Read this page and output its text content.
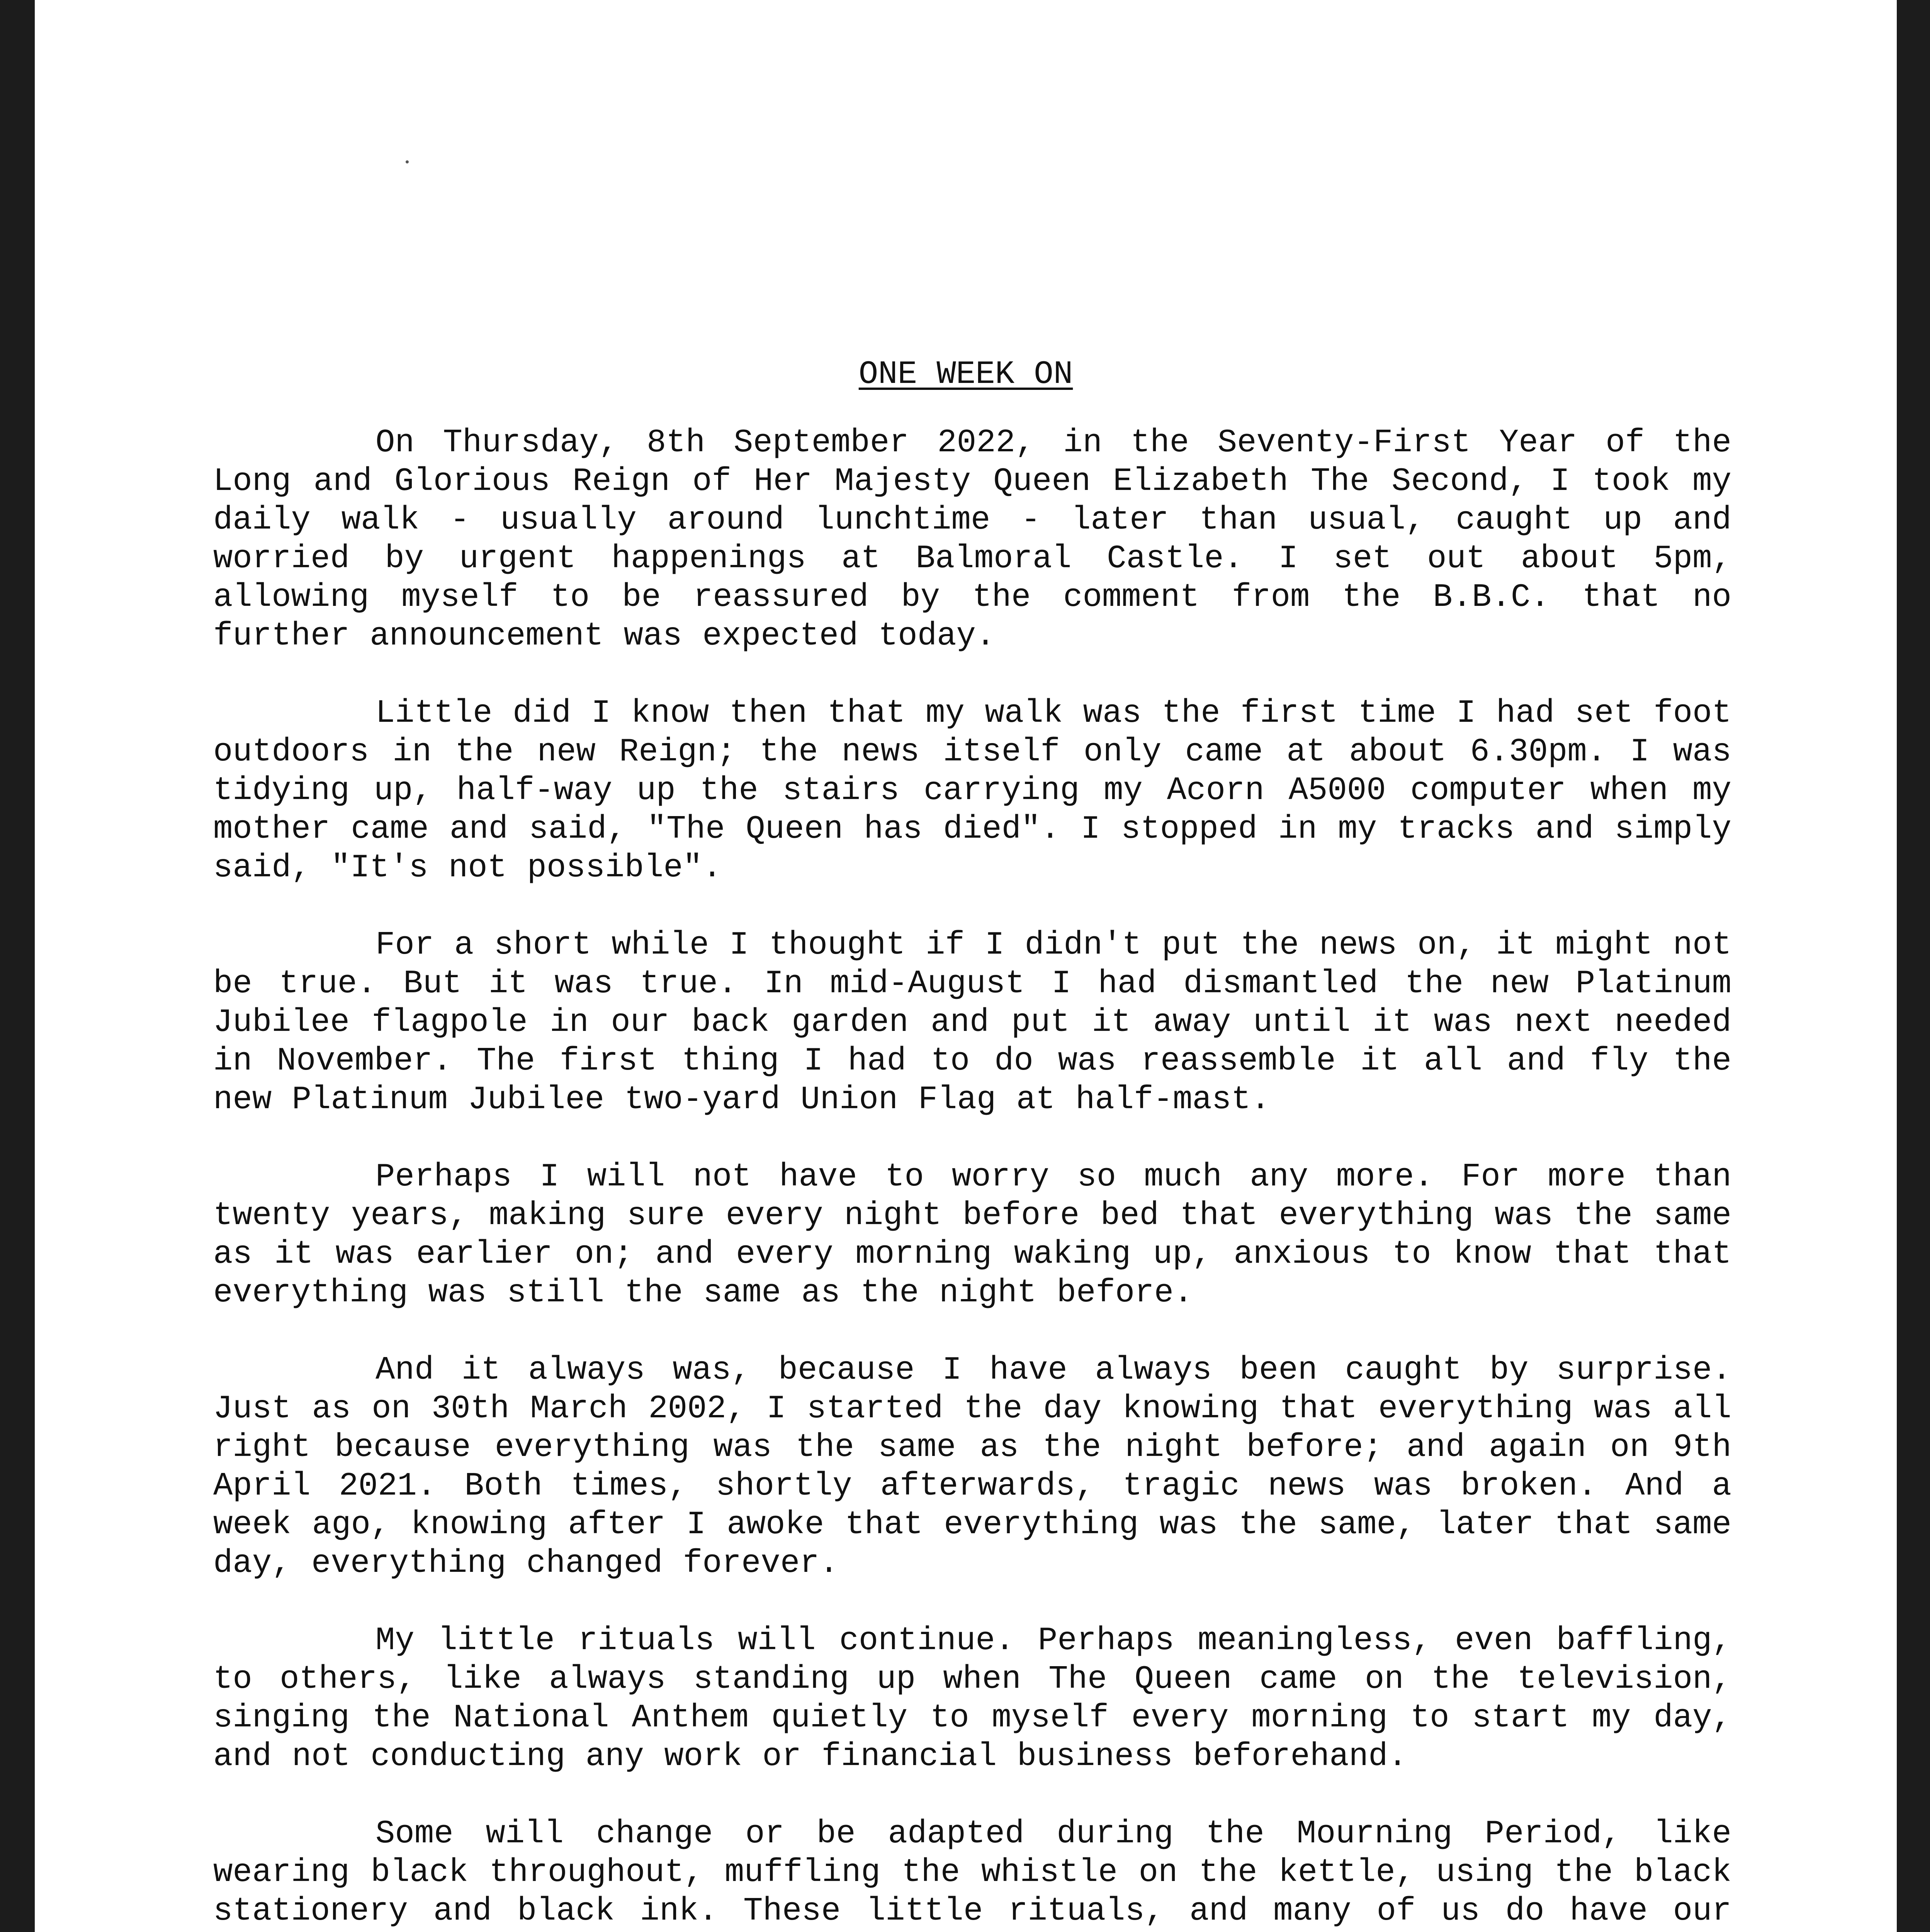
ONE WEEK ON

On Thursday, 8th September 2022, in the Seventy-First Year of the Long and Glorious Reign of Her Majesty Queen Elizabeth The Second, I took my daily walk - usually around lunchtime - later than usual, caught up and worried by urgent happenings at Balmoral Castle. I set out about 5pm, allowing myself to be reassured by the comment from the B.B.C. that no further announcement was expected today.

Little did I know then that my walk was the first time I had set foot outdoors in the new Reign; the news itself only came at about 6.30pm. I was tidying up, half-way up the stairs carrying my Acorn A5000 computer when my mother came and said, "The Queen has died". I stopped in my tracks and simply said, "It's not possible".

For a short while I thought if I didn't put the news on, it might not be true. But it was true. In mid-August I had dismantled the new Platinum Jubilee flagpole in our back garden and put it away until it was next needed in November. The first thing I had to do was reassemble it all and fly the new Platinum Jubilee two-yard Union Flag at half-mast.

Perhaps I will not have to worry so much any more. For more than twenty years, making sure every night before bed that everything was the same as it was earlier on; and every morning waking up, anxious to know that that everything was still the same as the night before.

And it always was, because I have always been caught by surprise. Just as on 30th March 2002, I started the day knowing that everything was all right because everything was the same as the night before; and again on 9th April 2021. Both times, shortly afterwards, tragic news was broken. And a week ago, knowing after I awoke that everything was the same, later that same day, everything changed forever.

My little rituals will continue. Perhaps meaningless, even baffling, to others, like always standing up when The Queen came on the television, singing the National Anthem quietly to myself every morning to start my day, and not conducting any work or financial business beforehand.

Some will change or be adapted during the Mourning Period, like wearing black throughout, muffling the whistle on the kettle, using the black stationery and black ink. These little rituals, and many of us do have our
